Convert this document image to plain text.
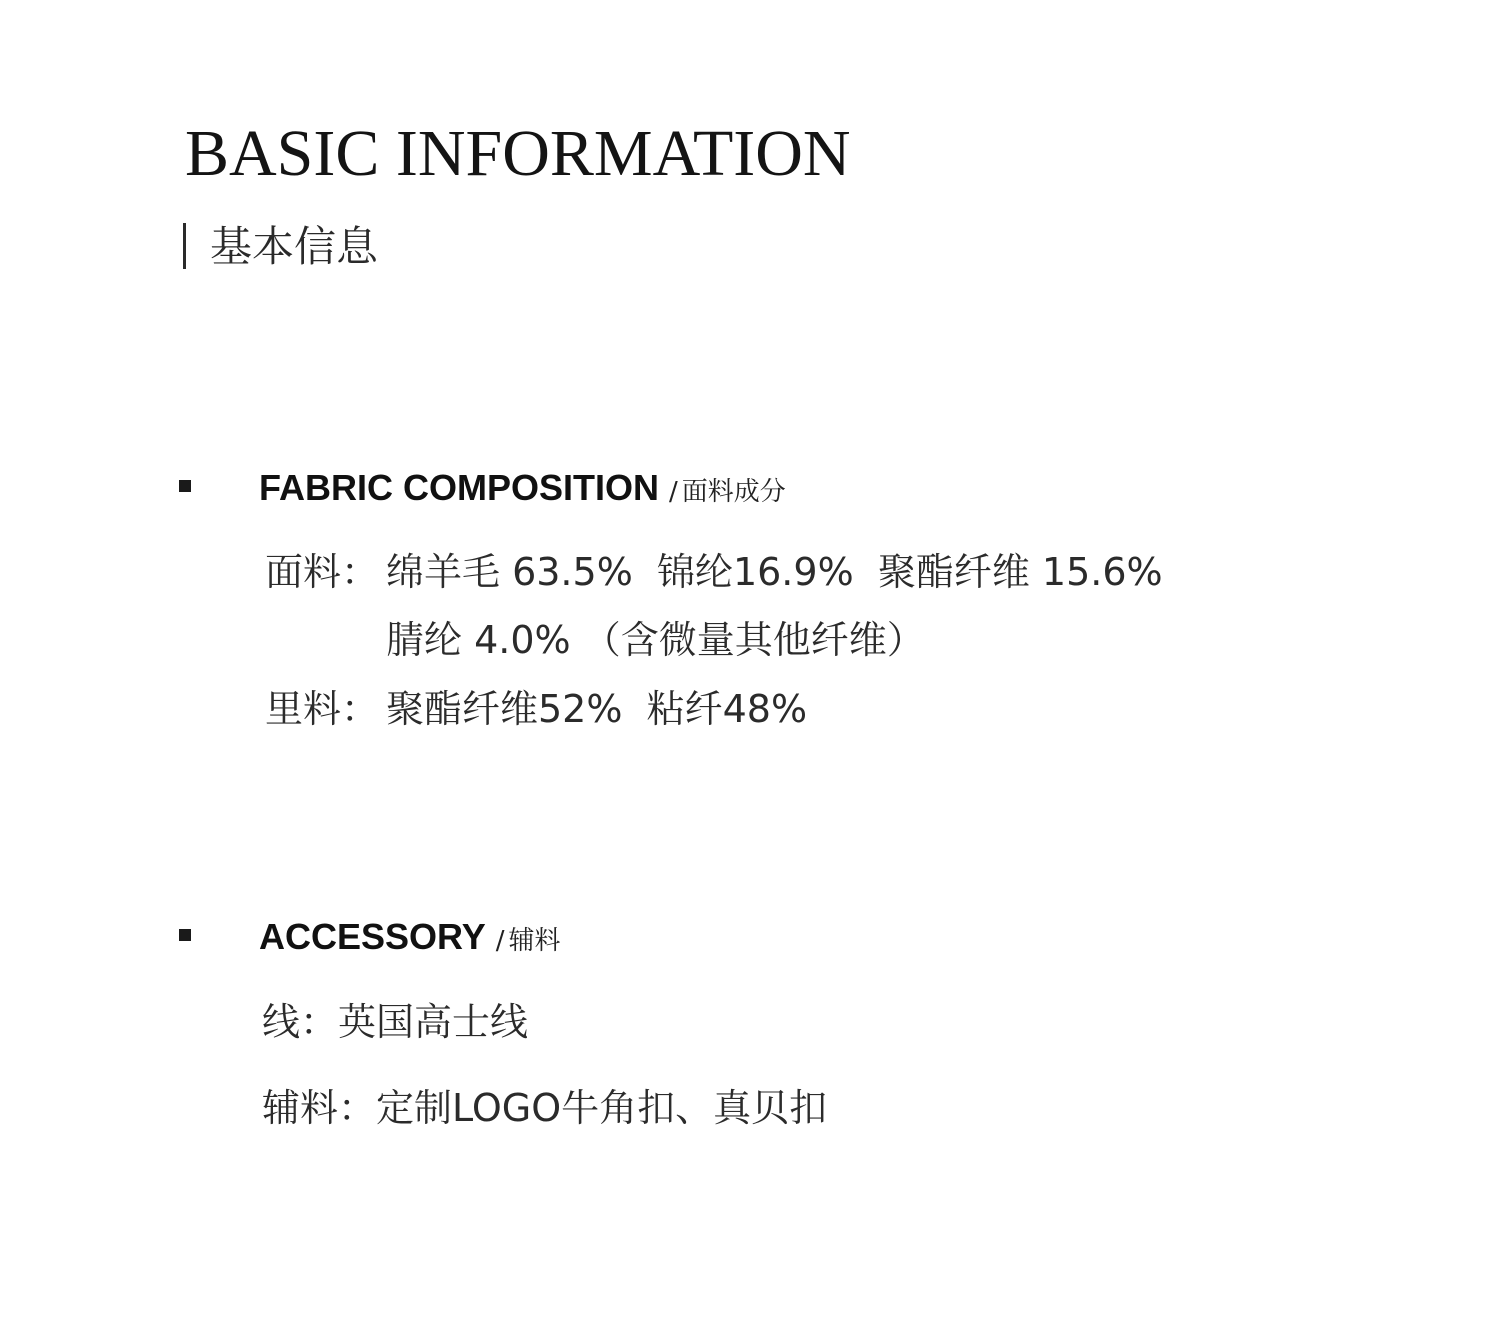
BASIC INFORMATION
基本信息
FABRIC COMPOSITION / 面料成分
面料： 绵羊毛 63.5%  锦纶16.9%  聚酯纤维 15.6%
腈纶 4.0% （含微量其他纤维）
里料： 聚酯纤维52%  粘纤48%
ACCESSORY / 辅料
线：英国高士线
辅料：定制LOGO牛角扣、真贝扣
